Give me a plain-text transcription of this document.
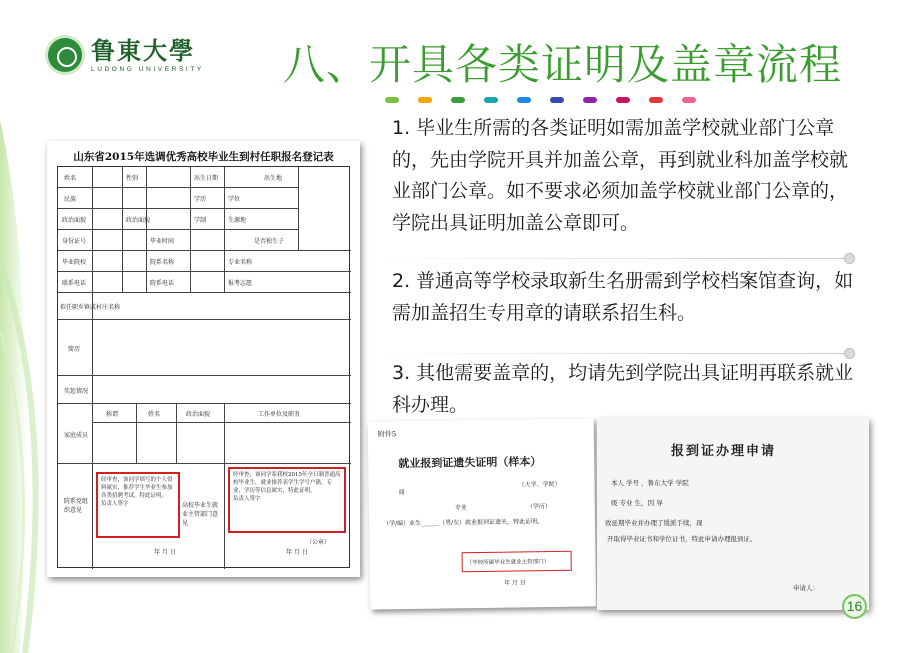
鲁東大學
LUDONG UNIVERSITY 八、开具各类证明及盖章流程
1. 毕业生所需的各类证明如需加盖学校就业部门公章的，先由学院开具并加盖公章，再到就业科加盖学校就业部门公章。如不要求必须加盖学校就业部门公章的，学院出具证明加盖公章即可。
2. 普通高等学校录取新生名册需到学校档案馆查询，如需加盖招生专用章的请联系招生科。
3. 其他需要盖章的，均请先到学院出具证明再联系就业科办理。
山东省2015年选调优秀高校毕业生到村任职报名登记表
姓名	性别	出生日期	出生地
民族	学历	学位
政治面貌	政治面貌	学制	生源地
身份证号	毕业时间	是否独生子
毕业院校	院系名称	专业名称
联系电话	院系电话	报考志愿
拟任职乡镇或村庄名称
简历
奖惩情况
家庭成员
称谓	姓名	政治面貌	工作单位及职务
院系党组织意见
高校毕业生就业主管部门意见
经审查，该同学填写的个人资料属实，推荐学生毕业生参加各类招聘考试，特此证明。
负责人签字
年 月 日
经审查，该同学系我校2015年全日制普通高校毕业生，就业推荐表学生学号户籍，专业、学历等信息属实，特此证明。
负责人签字
（公章）
年 月 日
附件5
就业报到证遗失证明（样本）
（大学、学院）
届
专业	（学历）
（学/编）业生______（男/女）就业报到证遗失，特此证明。
（学校所属毕业生就业主管部门）
年 月 日
报到证办理申请
本人 学号 ，鲁东大学 学院
级 专业 生，因 导
致延期毕业并办理了缓派手续，现
开取得毕业证书和学位证书，特此申请办理报到证。
申请人：
16
